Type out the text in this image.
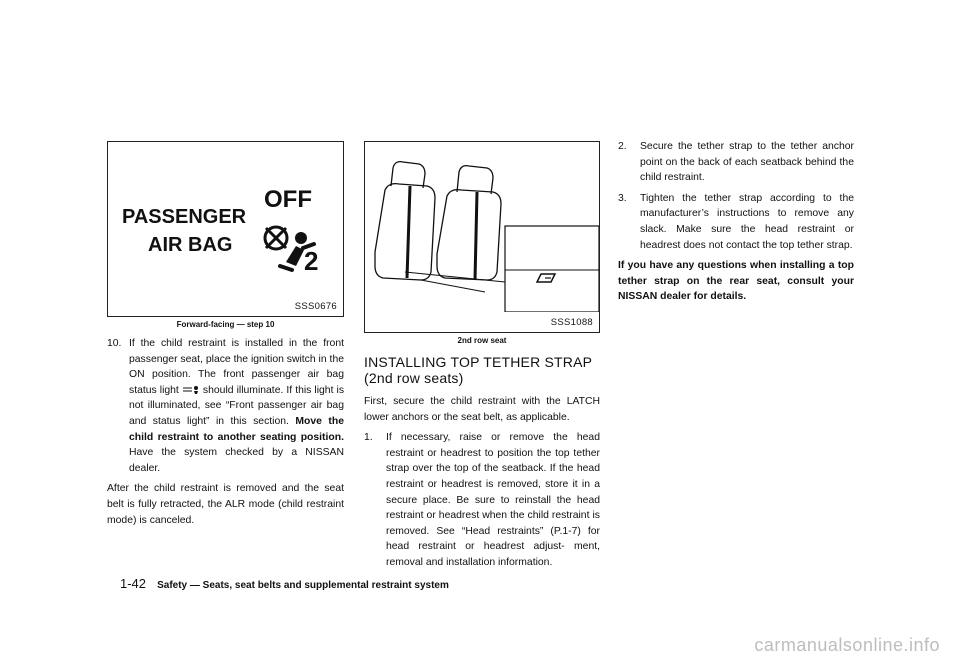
PASSENGER
AIR BAG
OFF
2
SSS0676
Forward-facing — step 10	SSS1088
2nd row seat
10. If the child restraint is installed in the front passenger seat, place the ignition switch in the ON position. The front passenger air bag status light should illuminate. If this light is not illuminated, see “Front passenger air bag and status light” in this section. Move the child restraint to another seating position. Have the system checked by a NISSAN dealer.

After the child restraint is removed and the seat belt is fully retracted, the ALR mode (child restraint mode) is canceled.

INSTALLING TOP TETHER STRAP (2nd row seats)

First, secure the child restraint with the LATCH lower anchors or the seat belt, as applicable.

1. If necessary, raise or remove the head restraint or headrest to position the top tether strap over the top of the seatback. If the head restraint or headrest is removed, store it in a secure place. Be sure to reinstall the head restraint or headrest when the child restraint is removed. See “Head restraints” (P.1-7) for head restraint or headrest adjust- ment, removal and installation information.
2. Secure the tether strap to the tether anchor point on the back of each seatback behind the child restraint.
3. Tighten the tether strap according to the manufacturer’s instructions to remove any slack. Make sure the head restraint or headrest does not contact the top tether strap.

If you have any questions when installing a top tether strap on the rear seat, consult your NISSAN dealer for details.

1-42 Safety — Seats, seat belts and supplemental restraint system
carmanualsonline.info
